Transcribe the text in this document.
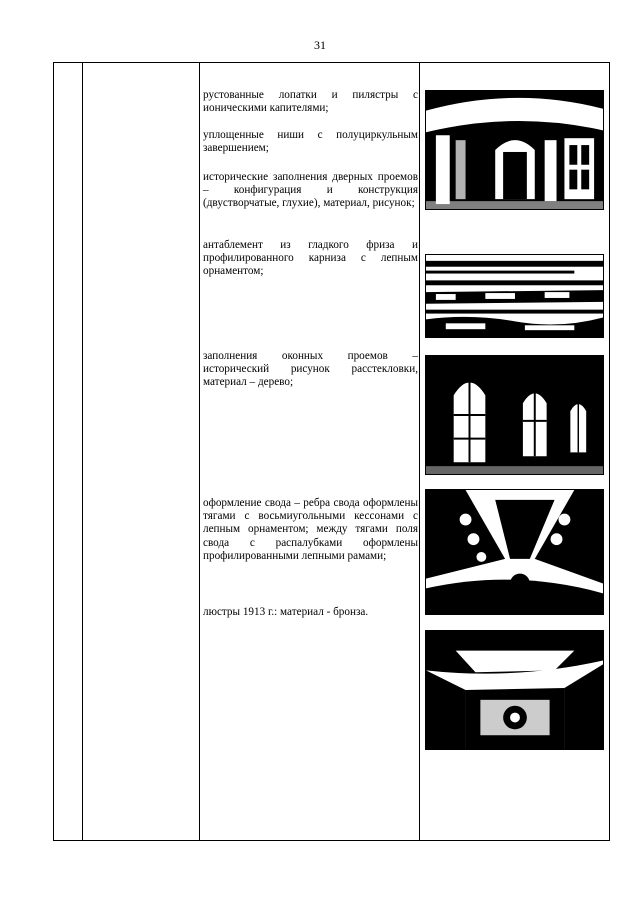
31
рустованные лопатки и пилястры с ионическими капителями;
уплощенные ниши с полуциркульным завершением;
исторические заполнения дверных проемов – конфигурация и конструкция (двустворчатые, глухие), материал, рисунок;
антаблемент из гладкого фриза и профилированного карниза с лепным орнаментом;
заполнения оконных проемов – исторический рисунок расстекловки, материал – дерево;
оформление свода – ребра свода оформлены тягами с восьмиугольными кессонами с лепным орнаментом; между тягами поля свода с распалубками оформлены профилированными лепными рамами;
люстры 1913 г.: материал - бронза.
